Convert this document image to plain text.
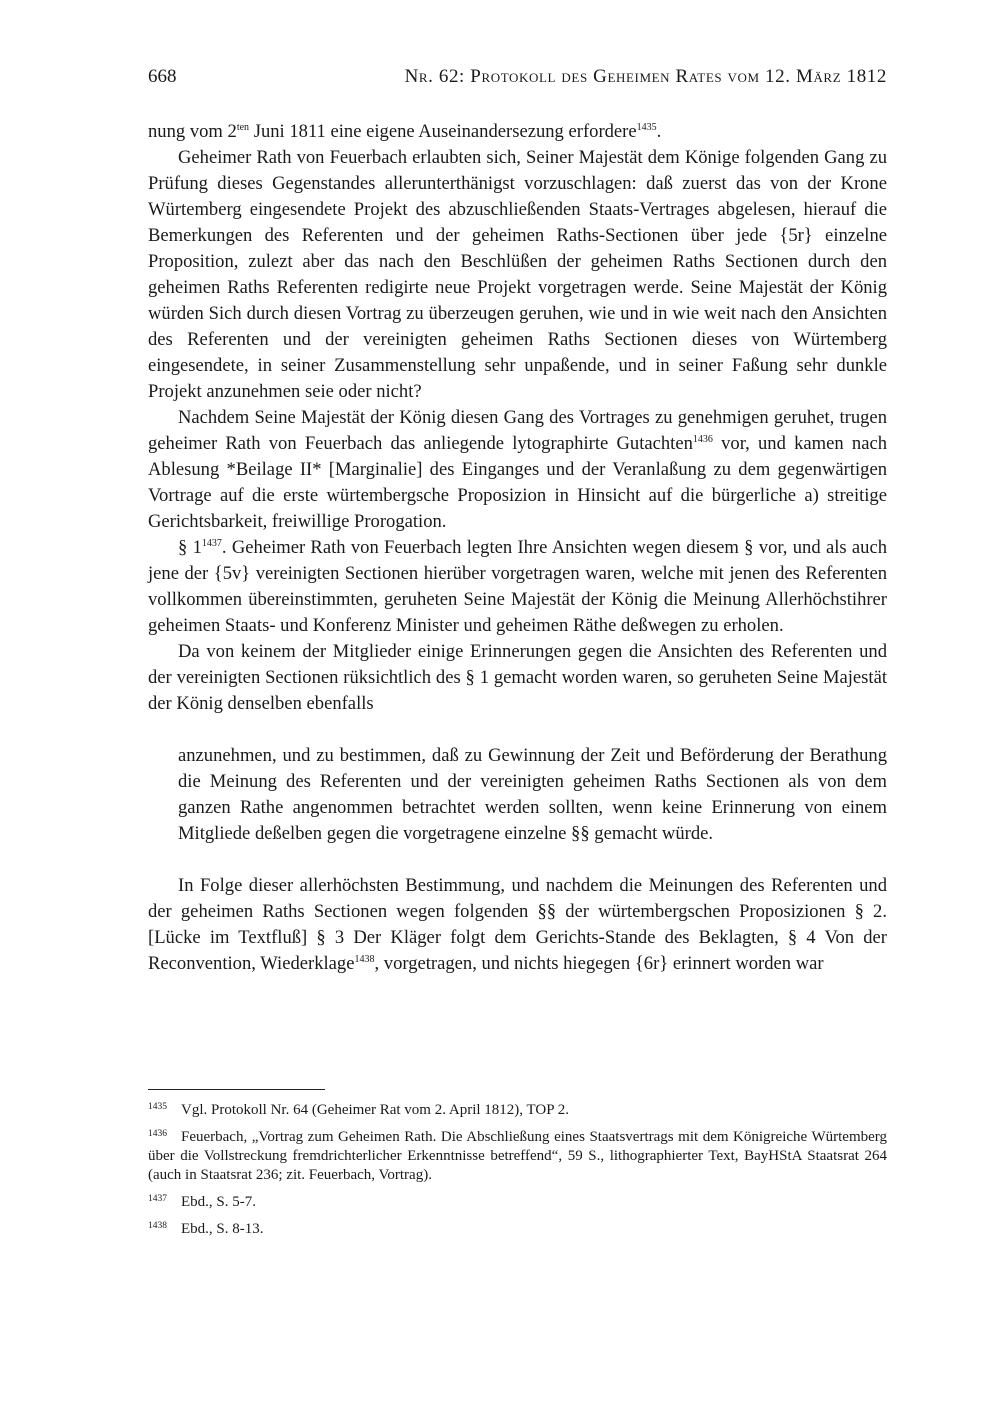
668	Nr. 62: Protokoll des Geheimen Rates vom 12. März 1812

nung vom $2^{ten}$ Juni 1811 eine eigene Auseinandersezung erfordere$^{1435}$.

Geheimer Rath von Feuerbach erlaubten sich, Seiner Majestät dem Könige folgenden Gang zu Prüfung dieses Gegenstandes allerunterthänigst vorzuschlagen: daß zuerst das von der Krone Würtemberg eingesendete Projekt des abzuschließenden Staats-Vertrages abgelesen, hierauf die Bemerkungen des Referenten und der geheimen Raths-Sectionen über jede {5r} einzelne Proposition, zulezt aber das nach den Beschlüßen der geheimen Raths Sectionen durch den geheimen Raths Referenten redigirte neue Projekt vorgetragen werde. Seine Majestät der König würden Sich durch diesen Vortrag zu überzeugen geruhen, wie und in wie weit nach den Ansichten des Referenten und der vereinigten geheimen Raths Sectionen dieses von Würtemberg eingesendete, in seiner Zusammenstellung sehr unpaßende, und in seiner Faßung sehr dunkle Projekt anzunehmen seie oder nicht?

Nachdem Seine Majestät der König diesen Gang des Vortrages zu genehmigen geruhet, trugen geheimer Rath von Feuerbach das anliegende lytographirte Gutachten$^{1436}$ vor, und kamen nach Ablesung *Beilage II* [Marginalie] des Einganges und der Veranlaßung zu dem gegenwärtigen Vortrage auf die erste würtembergsche Proposizion in Hinsicht auf die bürgerliche a) streitige Gerichtsbarkeit, freiwillige Prorogation.

§ $1^{1437}$. Geheimer Rath von Feuerbach legten Ihre Ansichten wegen diesem § vor, und als auch jene der {5v} vereinigten Sectionen hierüber vorgetragen waren, welche mit jenen des Referenten vollkommen übereinstimmten, geruheten Seine Majestät der König die Meinung Allerhöchstihrer geheimen Staats- und Konferenz Minister und geheimen Räthe deßwegen zu erholen.

Da von keinem der Mitglieder einige Erinnerungen gegen die Ansichten des Referenten und der vereinigten Sectionen rüksichtlich des § 1 gemacht worden waren, so geruheten Seine Majestät der König denselben ebenfalls

anzunehmen, und zu bestimmen, daß zu Gewinnung der Zeit und Beförderung der Berathung die Meinung des Referenten und der vereinigten geheimen Raths Sectionen als von dem ganzen Rathe angenommen betrachtet werden sollten, wenn keine Erinnerung von einem Mitgliede deßelben gegen die vorgetragene einzelne §§ gemacht würde.

In Folge dieser allerhöchsten Bestimmung, und nachdem die Meinungen des Referenten und der geheimen Raths Sectionen wegen folgenden §§ der würtembergschen Proposizionen § 2. [Lücke im Textfluß] § 3 Der Kläger folgt dem Gerichts-Stande des Beklagten, § 4 Von der Reconvention, Wiederklage$^{1438}$, vorgetragen, und nichts hiegegen {6r} erinnert worden war

$^{1435}$ Vgl. Protokoll Nr. 64 (Geheimer Rat vom 2. April 1812), TOP 2.

$^{1436}$ Feuerbach, „Vortrag zum Geheimen Rath. Die Abschließung eines Staatsvertrags mit dem Königreiche Würtemberg über die Vollstreckung fremdrichterlicher Erkenntnisse betreffend“, 59 S., lithographierter Text, BayHStA Staatsrat 264 (auch in Staatsrat 236; zit. Feuerbach, Vortrag).

$^{1437}$ Ebd., S. 5-7.

$^{1438}$ Ebd., S. 8-13.
